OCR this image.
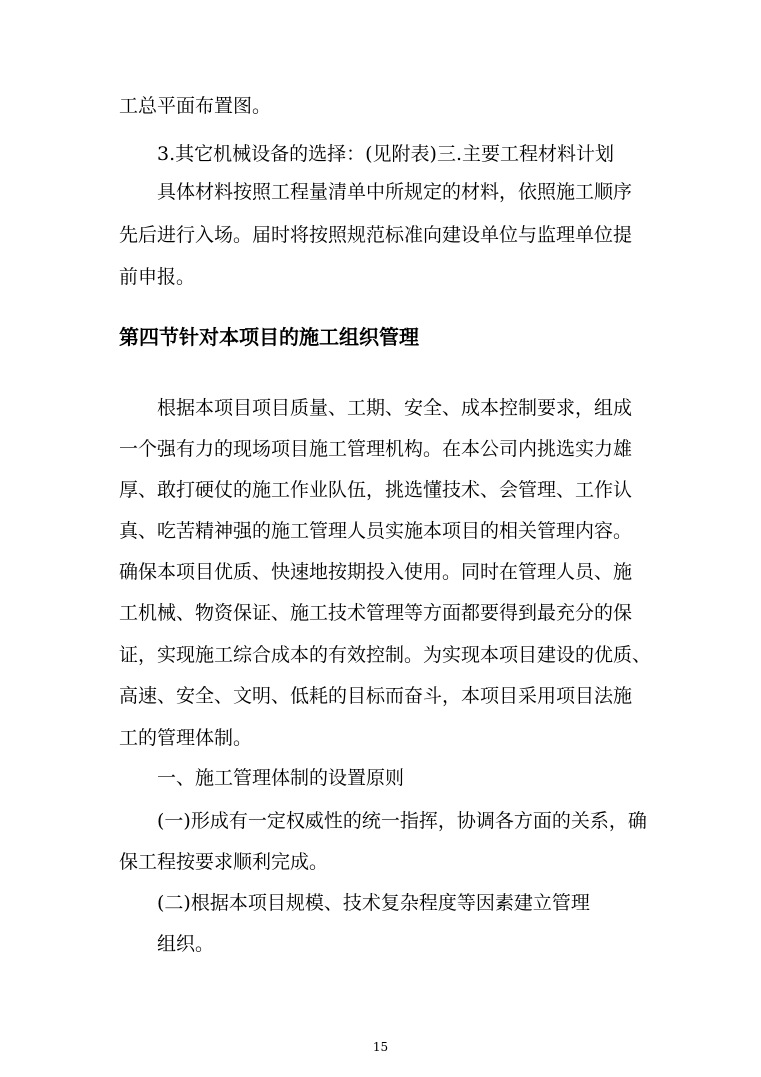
工总平面布置图。

3.其它机械设备的选择：(见附表)三.主要工程材料计划

具体材料按照工程量清单中所规定的材料，依照施工顺序

先后进行入场。届时将按照规范标准向建设单位与监理单位提

前申报。

第四节针对本项目的施工组织管理

根据本项目项目质量、工期、安全、成本控制要求，组成

一个强有力的现场项目施工管理机构。在本公司内挑选实力雄

厚、敢打硬仗的施工作业队伍，挑选懂技术、会管理、工作认

真、吃苦精神强的施工管理人员实施本项目的相关管理内容。

确保本项目优质、快速地按期投入使用。同时在管理人员、施

工机械、物资保证、施工技术管理等方面都要得到最充分的保

证，实现施工综合成本的有效控制。为实现本项目建设的优质、

高速、安全、文明、低耗的目标而奋斗，本项目采用项目法施

工的管理体制。

一、施工管理体制的设置原则

(一)形成有一定权威性的统一指挥，协调各方面的关系，确

保工程按要求顺利完成。

(二)根据本项目规模、技术复杂程度等因素建立管理

组织。

15
